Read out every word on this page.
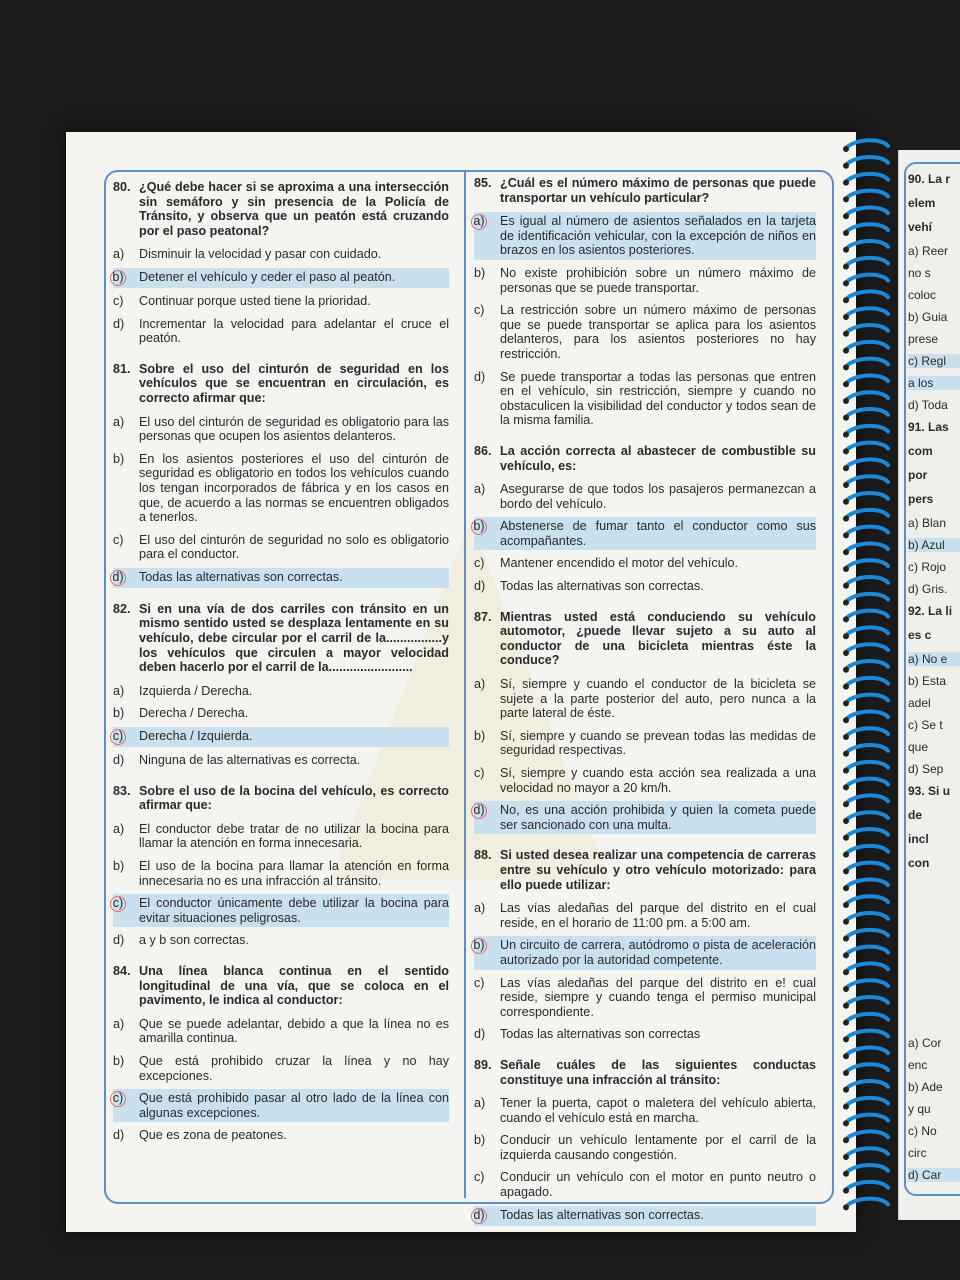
80. ¿Qué debe hacer si se aproxima a una intersección sin semáforo y sin presencia de la Policía de Tránsito, y observa que un peatón está cruzando por el paso peatonal?
a) Disminuir la velocidad y pasar con cuidado.
b) Detener el vehículo y ceder el paso al peatón.
c) Continuar porque usted tiene la prioridad.
d) Incrementar la velocidad para adelantar el cruce el peatón.
81. Sobre el uso del cinturón de seguridad en los vehículos que se encuentran en circulación, es correcto afirmar que:
a) El uso del cinturón de seguridad es obligatorio para las personas que ocupen los asientos delanteros.
b) En los asientos posteriores el uso del cinturón de seguridad es obligatorio en todos los vehículos cuando los tengan incorporados de fábrica y en los casos en que, de acuerdo a las normas se encuentren obligados a tenerlos.
c) El uso del cinturón de seguridad no solo es obligatorio para el conductor.
d) Todas las alternativas son correctas.
82. Si en una vía de dos carriles con tránsito en un mismo sentido usted se desplaza lentamente en su vehículo, debe circular por el carril de la................y los vehículos que circulen a mayor velocidad deben hacerlo por el carril de la........................
a) Izquierda / Derecha.
b) Derecha / Derecha.
c) Derecha / Izquierda.
d) Ninguna de las alternativas es correcta.
83. Sobre el uso de la bocina del vehículo, es correcto afirmar que:
a) El conductor debe tratar de no utilizar la bocina para llamar la atención en forma innecesaria.
b) El uso de la bocina para llamar la atención en forma innecesaria no es una infracción al tránsito.
c) El conductor únicamente debe utilizar la bocina para evitar situaciones peligrosas.
d) a y b son correctas.
84. Una línea blanca continua en el sentido longitudinal de una vía, que se coloca en el pavimento, le indica al conductor:
a) Que se puede adelantar, debido a que la línea no es amarilla continua.
b) Que está prohibido cruzar la línea y no hay excepciones.
c) Que está prohibido pasar al otro lado de la línea con algunas excepciones.
d) Que es zona de peatones.
85. ¿Cuál es el número máximo de personas que puede transportar un vehículo particular?
a) Es igual al número de asientos señalados en la tarjeta de identificación vehicular, con la excepción de niños en brazos en los asientos posteriores.
b) No existe prohibición sobre un número máximo de personas que se puede transportar.
c) La restricción sobre un número máximo de personas que se puede transportar se aplica para los asientos delanteros, para los asientos posteriores no hay restricción.
d) Se puede transportar a todas las personas que entren en el vehículo, sin restricción, siempre y cuando no obstaculicen la visibilidad del conductor y todos sean de la misma familia.
86. La acción correcta al abastecer de combustible su vehículo, es:
a) Asegurarse de que todos los pasajeros permanezcan a bordo del vehículo.
b) Abstenerse de fumar tanto el conductor como sus acompañantes.
c) Mantener encendido el motor del vehículo.
d) Todas las alternativas son correctas.
87. Mientras usted está conduciendo su vehículo automotor, ¿puede llevar sujeto a su auto al conductor de una bicicleta mientras éste la conduce?
a) Sí, siempre y cuando el conductor de la bicicleta se sujete a la parte posterior del auto, pero nunca a la parte lateral de éste.
b) Sí, siempre y cuando se prevean todas las medidas de seguridad respectivas.
c) Sí, siempre y cuando esta acción sea realizada a una velocidad no mayor a 20 km/h.
d) No, es una acción prohibida y quien la cometa puede ser sancionado con una multa.
88. Si usted desea realizar una competencia de carreras entre su vehículo y otro vehículo motorizado: para ello puede utilizar:
a) Las vías aledañas del parque del distrito en el cual reside, en el horario de 11:00 pm. a 5:00 am.
b) Un circuito de carrera, autódromo o pista de aceleración autorizado por la autoridad competente.
c) Las vías aledañas del parque del distrito en e! cual reside, siempre y cuando tenga el permiso municipal correspondiente.
d) Todas las alternativas son correctas
89. Señale cuáles de las siguientes conductas constituye una infracción al tránsito:
a) Tener la puerta, capot o maletera del vehículo abierta, cuando el vehículo está en marcha.
b) Conducir un vehículo lentamente por el carril de la izquierda causando congestión.
c) Conducir un vehículo con el motor en punto neutro o apagado.
d) Todas las alternativas son correctas.
90. La r
elem
vehí
a) Reer
no s
coloc
b) Guia
prese
c) Regl
a los
d) Toda
91. Las
com
por
pers
a) Blan
b) Azul
c) Rojo
d) Gris.
92. La li
es c
a) No e
b) Esta
adel
c) Se t
que
d) Sep
93. Si u
de
incl
con
a) Cor
enc
b) Ade
y qu
c) No
circ
d) Car
